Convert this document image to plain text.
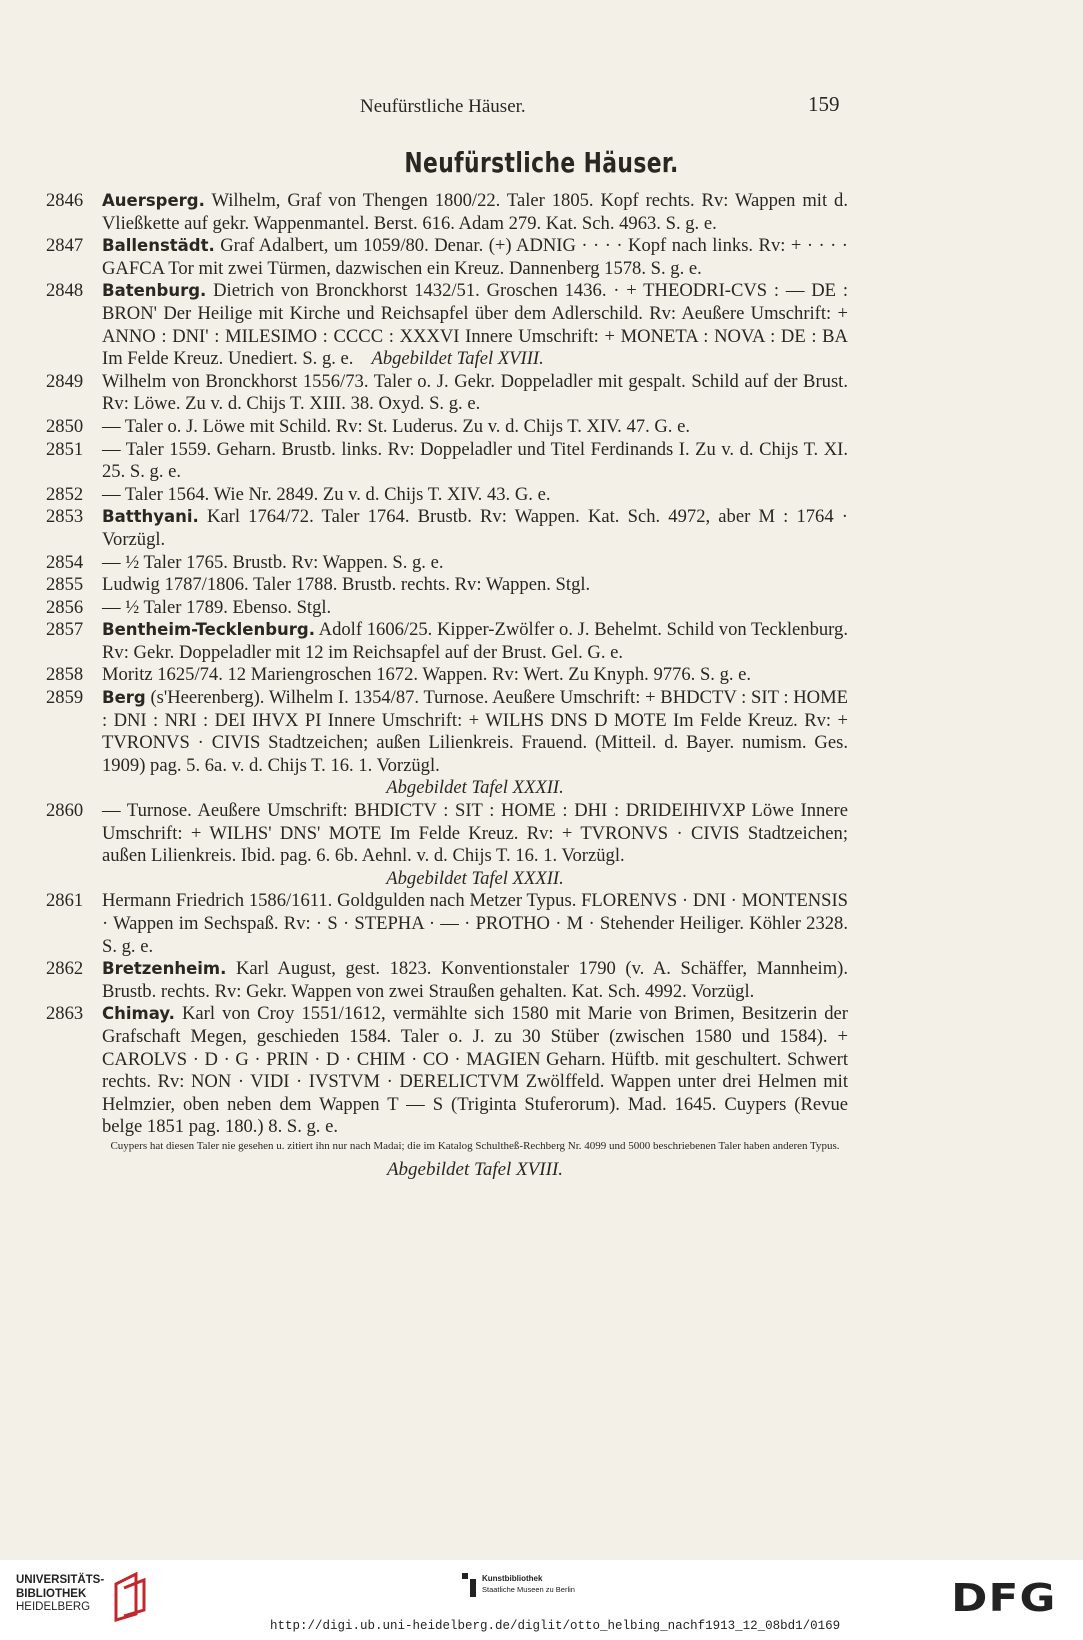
Neufürstliche Häuser.	159
Neufürstliche Häuser.
2846	Auersperg. Wilhelm, Graf von Thengen 1800/22. Taler 1805. Kopf rechts. Rv: Wappen mit d. Vließkette auf gekr. Wappenmantel. Berst. 616. Adam 279. Kat. Sch. 4963. S. g. e.
2847	Ballenstädt. Graf Adalbert, um 1059/80. Denar. (+) ADNIG · · · · Kopf nach links. Rv: + · · · · GAFCA Tor mit zwei Türmen, dazwischen ein Kreuz. Dannenberg 1578. S. g. e.
2848	Batenburg. Dietrich von Bronckhorst 1432/51. Groschen 1436. · + THEODRI-CVS : — DE : BRON' Der Heilige mit Kirche und Reichsapfel über dem Adlerschild. Rv: Aeußere Umschrift: + ANNO : DNI' : MILESIMO : CCCC : XXXVI Innere Umschrift: + MONETA : NOVA : DE : BA Im Felde Kreuz. Unediert. S. g. e. Abgebildet Tafel XVIII.
2849	Wilhelm von Bronckhorst 1556/73. Taler o. J. Gekr. Doppeladler mit gespalt. Schild auf der Brust. Rv: Löwe. Zu v. d. Chijs T. XIII. 38. Oxyd. S. g. e.
2850	— Taler o. J. Löwe mit Schild. Rv: St. Luderus. Zu v. d. Chijs T. XIV. 47. G. e.
2851	— Taler 1559. Geharn. Brustb. links. Rv: Doppeladler und Titel Ferdinands I. Zu v. d. Chijs T. XI. 25. S. g. e.
2852	— Taler 1564. Wie Nr. 2849. Zu v. d. Chijs T. XIV. 43. G. e.
2853	Batthyani. Karl 1764/72. Taler 1764. Brustb. Rv: Wappen. Kat. Sch. 4972, aber M : 1764 · Vorzügl.
2854	— ½ Taler 1765. Brustb. Rv: Wappen. S. g. e.
2855	Ludwig 1787/1806. Taler 1788. Brustb. rechts. Rv: Wappen. Stgl.
2856	— ½ Taler 1789. Ebenso. Stgl.
2857	Bentheim-Tecklenburg. Adolf 1606/25. Kipper-Zwölfer o. J. Behelmt. Schild von Tecklenburg. Rv: Gekr. Doppeladler mit 12 im Reichsapfel auf der Brust. Gel. G. e.
2858	Moritz 1625/74. 12 Mariengroschen 1672. Wappen. Rv: Wert. Zu Knyph. 9776. S. g. e.
2859	Berg (s'Heerenberg). Wilhelm I. 1354/87. Turnose. Aeußere Umschrift: + BHDCTV : SIT : HOME : DNI : NRI : DEI IHVX PI Innere Umschrift: + WILHS DNS D MOTE Im Felde Kreuz. Rv: + TVRONVS · CIVIS Stadtzeichen; außen Lilienkreis. Frauend. (Mitteil. d. Bayer. numism. Ges. 1909) pag. 5. 6a. v. d. Chijs T. 16. 1. Vorzügl.
Abgebildet Tafel XXXII.
2860	— Turnose. Aeußere Umschrift: BHDICTV : SIT : HOME : DHI : DRIDEIHIVXP Löwe Innere Umschrift: + WILHS' DNS' MOTE Im Felde Kreuz. Rv: + TVRONVS · CIVIS Stadtzeichen; außen Lilienkreis. Ibid. pag. 6. 6b. Aehnl. v. d. Chijs T. 16. 1. Vorzügl.
Abgebildet Tafel XXXII.
2861	Hermann Friedrich 1586/1611. Goldgulden nach Metzer Typus. FLORENVS · DNI · MONTENSIS · Wappen im Sechspaß. Rv: · S · STEPHA · — · PROTHO · M · Stehender Heiliger. Köhler 2328. S. g. e.
2862	Bretzenheim. Karl August, gest. 1823. Konventionstaler 1790 (v. A. Schäffer, Mannheim). Brustb. rechts. Rv: Gekr. Wappen von zwei Straußen gehalten. Kat. Sch. 4992. Vorzügl.
2863	Chimay. Karl von Croy 1551/1612, vermählte sich 1580 mit Marie von Brimen, Besitzerin der Grafschaft Megen, geschieden 1584. Taler o. J. zu 30 Stüber (zwischen 1580 und 1584). + CAROLVS · D · G · PRIN · D · CHIM · CO · MAGIEN Geharn. Hüftb. mit geschultert. Schwert rechts. Rv: NON · VIDI · IVSTVM · DERELICTVM Zwölffeld. Wappen unter drei Helmen mit Helmzier, oben neben dem Wappen T — S (Triginta Stuferorum). Mad. 1645. Cuypers (Revue belge 1851 pag. 180.) 8. S. g. e.
Cuypers hat diesen Taler nie gesehen u. zitiert ihn nur nach Madai; die im Katalog Schultheß-Rechberg Nr. 4099 und 5000 beschriebenen Taler haben anderen Typus.
Abgebildet Tafel XVIII.
UNIVERSITÄTS-
BIBLIOTHEK
HEIDELBERG
Kunstbibliothek
Staatliche Museen zu Berlin
http://digi.ub.uni-heidelberg.de/diglit/otto_helbing_nachf1913_12_08bd1/0169
DFG
